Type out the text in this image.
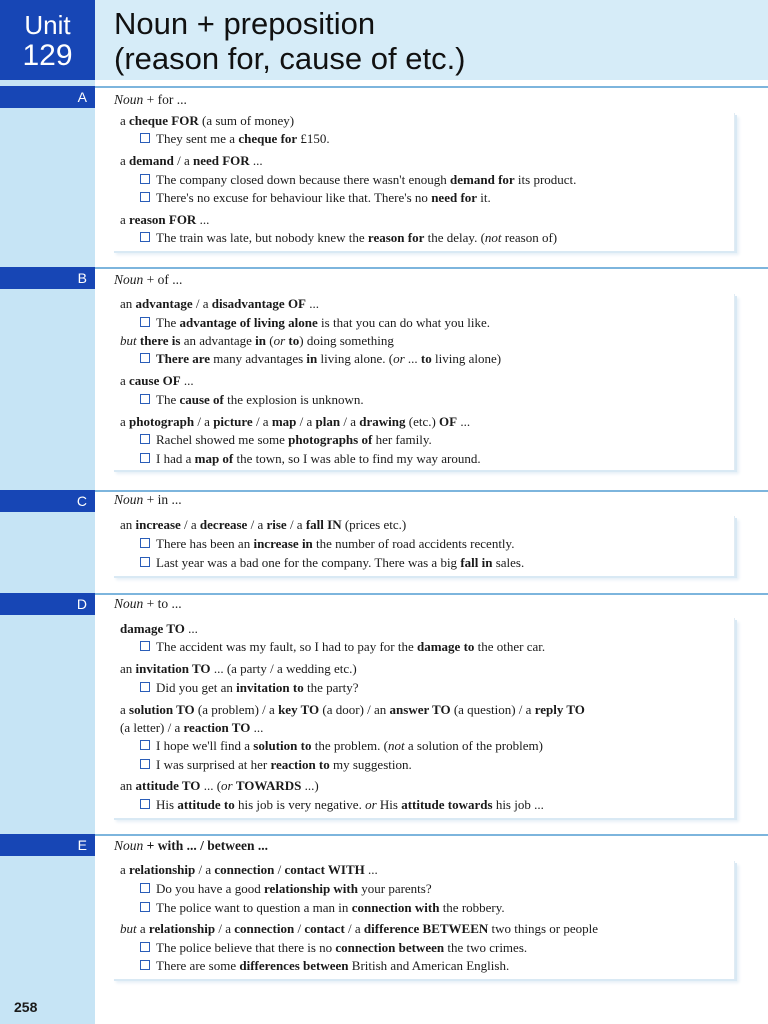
Unit
129
Noun + preposition
(reason for, cause of etc.)
A	Noun + for ...
a cheque FOR (a sum of money)
They sent me a cheque for £150.
a demand / a need FOR ...
The company closed down because there wasn't enough demand for its product.
There's no excuse for behaviour like that. There's no need for it.
a reason FOR ...
The train was late, but nobody knew the reason for the delay. (not reason of)
B	Noun + of ...
an advantage / a disadvantage OF ...
The advantage of living alone is that you can do what you like.
but there is an advantage in (or to) doing something
There are many advantages in living alone. (or ... to living alone)
a cause OF ...
The cause of the explosion is unknown.
a photograph / a picture / a map / a plan / a drawing (etc.) OF ...
Rachel showed me some photographs of her family.
I had a map of the town, so I was able to find my way around.
C	Noun + in ...
an increase / a decrease / a rise / a fall IN (prices etc.)
There has been an increase in the number of road accidents recently.
Last year was a bad one for the company. There was a big fall in sales.
D	Noun + to ...
damage TO ...
The accident was my fault, so I had to pay for the damage to the other car.
an invitation TO ... (a party / a wedding etc.)
Did you get an invitation to the party?
a solution TO (a problem) / a key TO (a door) / an answer TO (a question) / a reply TO
(a letter) / a reaction TO ...
I hope we'll find a solution to the problem. (not a solution of the problem)
I was surprised at her reaction to my suggestion.
an attitude TO ... (or TOWARDS ...)
His attitude to his job is very negative. or His attitude towards his job ...
E	Noun + with ... / between ...
a relationship / a connection / contact WITH ...
Do you have a good relationship with your parents?
The police want to question a man in connection with the robbery.
but a relationship / a connection / contact / a difference BETWEEN two things or people
The police believe that there is no connection between the two crimes.
There are some differences between British and American English.
258
